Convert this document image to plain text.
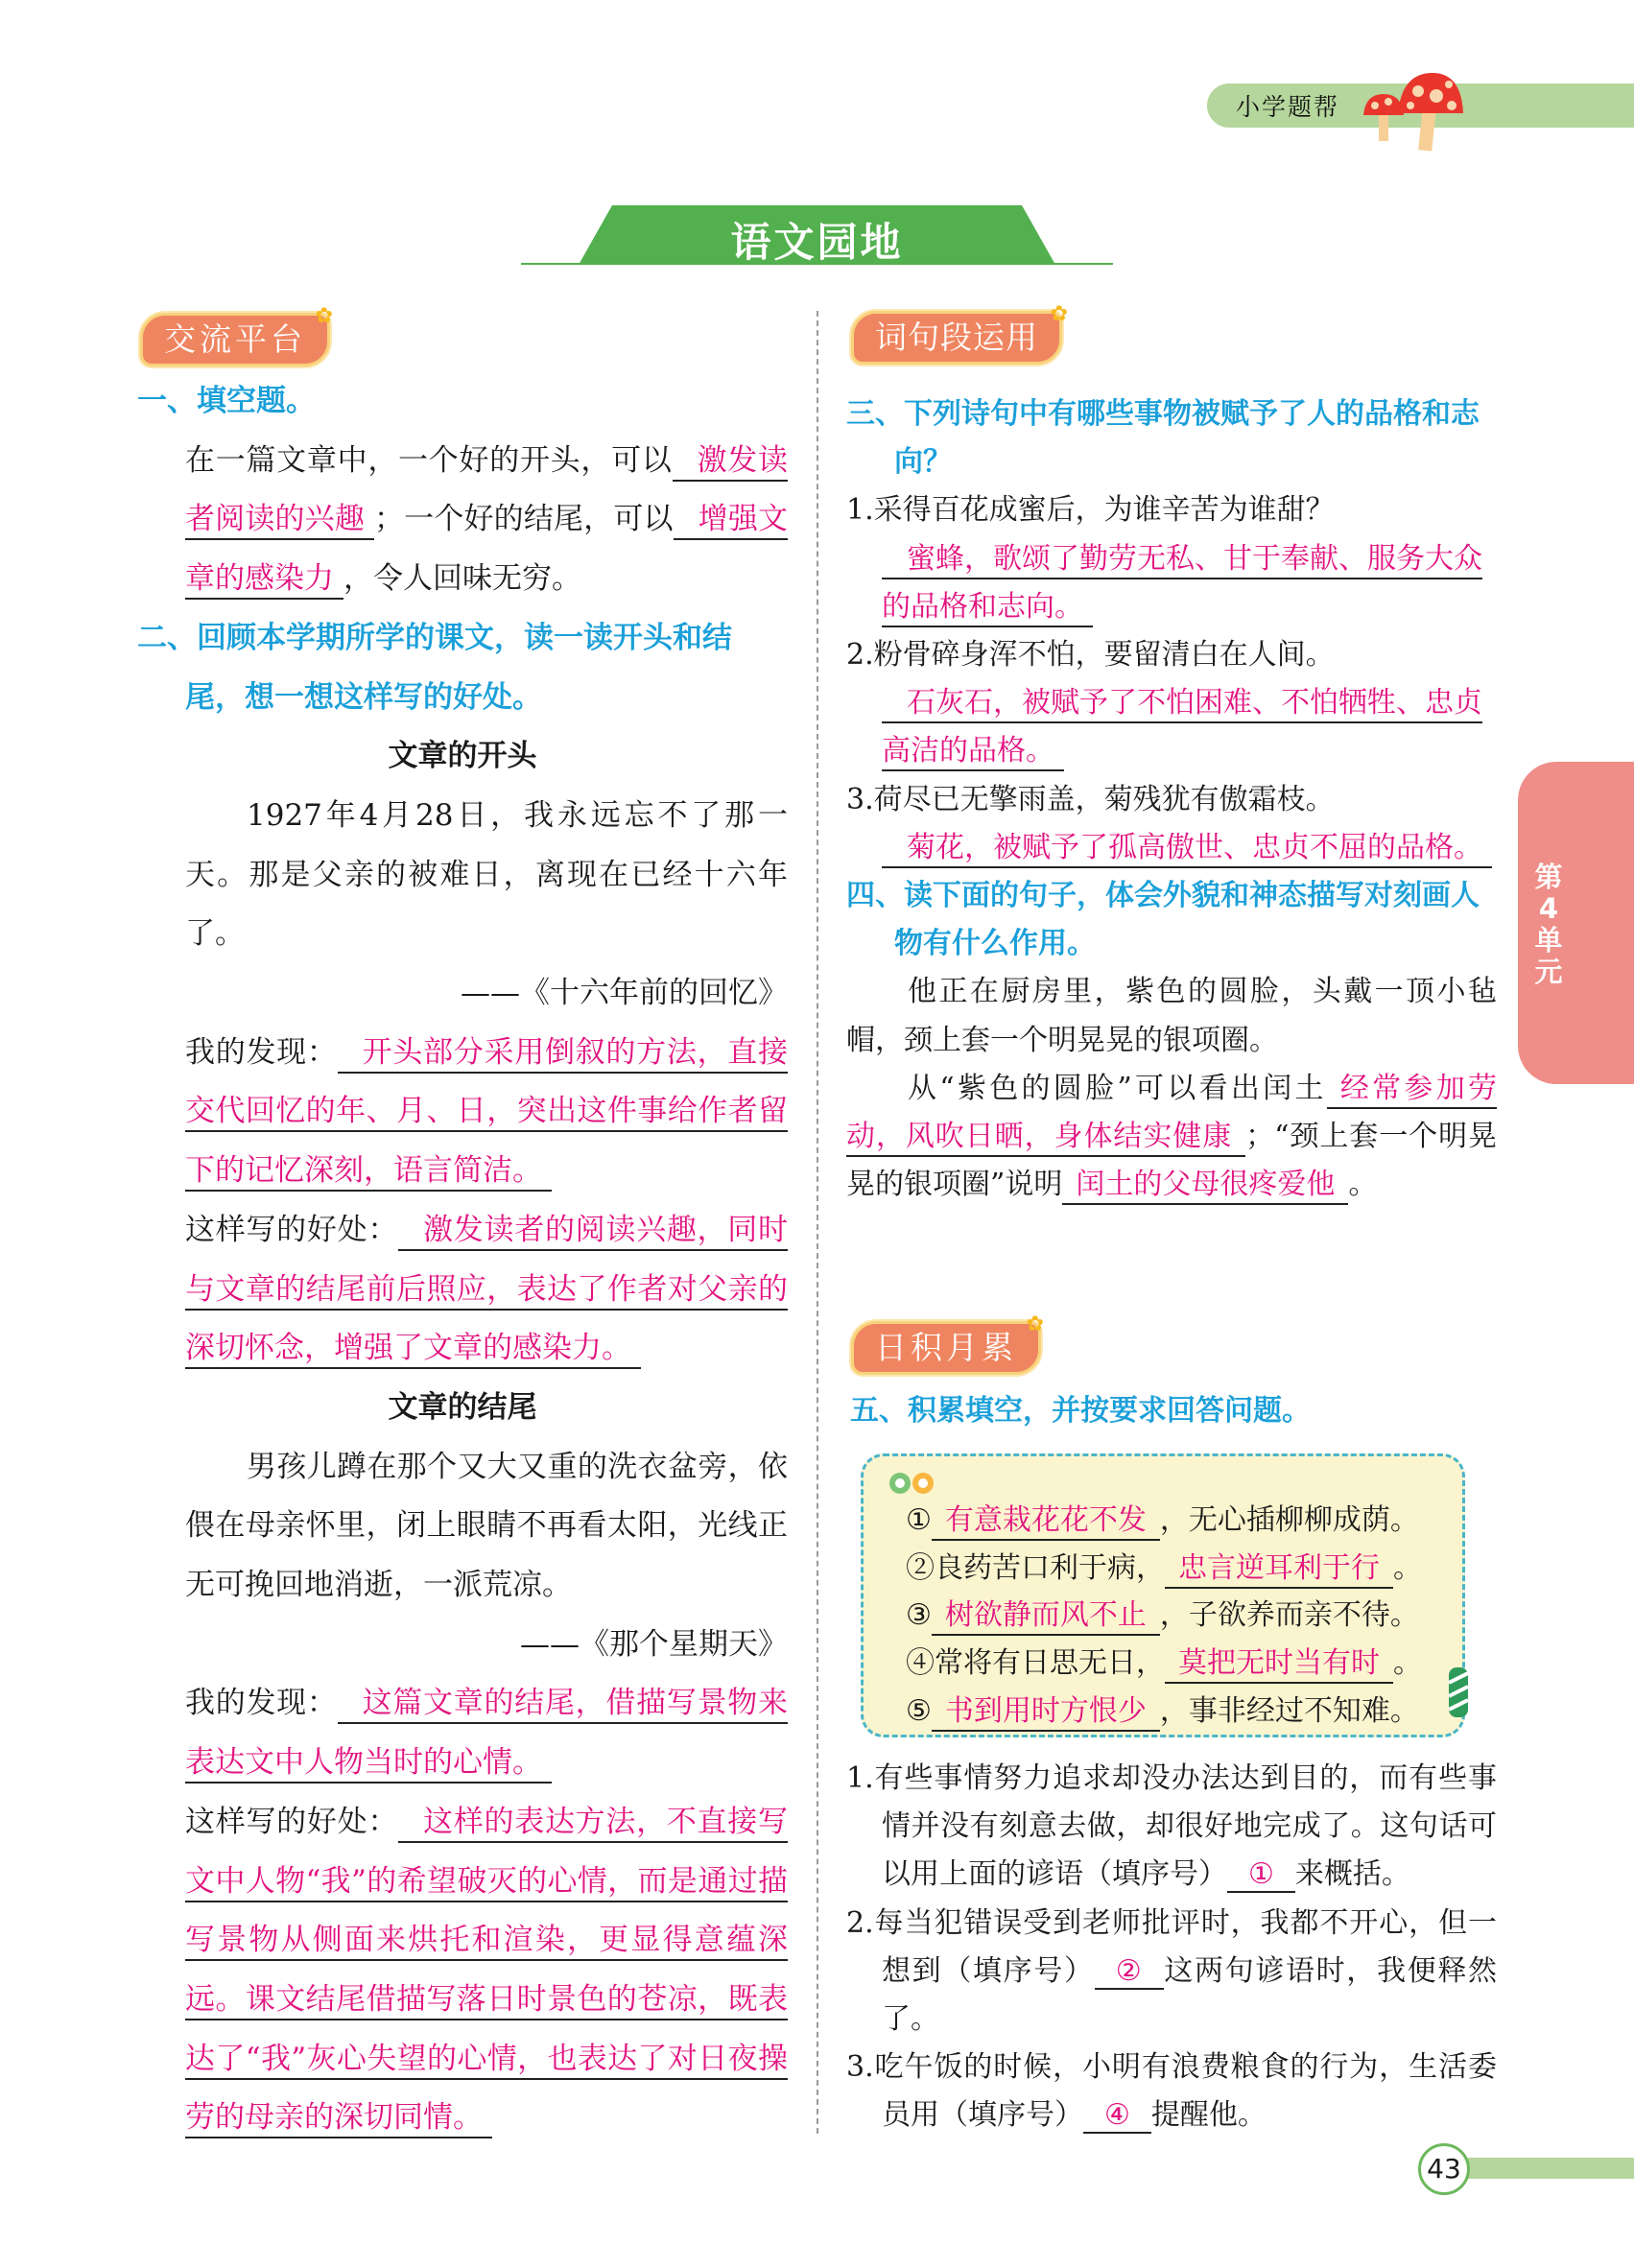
小学题帮
语文园地
交流平台
✿
一、填空题。
在一篇文章中，一个好的开头，可以 激发读者阅读的兴趣 ；一个好的结尾，可以 增强文章的感染力 ，令人回味无穷。
二、回顾本学期所学的课文，读一读开头和结尾，想一想这样写的好处。
文章的开头
1927年4月28日，我永远忘不了那一天。那是父亲的被难日，离现在已经十六年了。
——《十六年前的回忆》
我的发现： 开头部分采用倒叙的方法，直接交代回忆的年、月、日，突出这件事给作者留下的记忆深刻，语言简洁。
这样写的好处： 激发读者的阅读兴趣，同时与文章的结尾前后照应，表达了作者对父亲的深切怀念，增强了文章的感染力。
文章的结尾
男孩儿蹲在那个又大又重的洗衣盆旁，依偎在母亲怀里，闭上眼睛不再看太阳，光线正无可挽回地消逝，一派荒凉。
——《那个星期天》
我的发现： 这篇文章的结尾，借描写景物来表达文中人物当时的心情。
这样写的好处： 这样的表达方法，不直接写文中人物“我”的希望破灭的心情，而是通过描写景物从侧面来烘托和渲染，更显得意蕴深远。课文结尾借描写落日时景色的苍凉，既表达了“我”灰心失望的心情，也表达了对日夜操劳的母亲的深切同情。
词句段运用
✿
三、下列诗句中有哪些事物被赋予了人的品格和志向？
1.采得百花成蜜后，为谁辛苦为谁甜？
蜜蜂，歌颂了勤劳无私、甘于奉献、服务大众的品格和志向。
2.粉骨碎身浑不怕，要留清白在人间。
石灰石，被赋予了不怕困难、不怕牺牲、忠贞高洁的品格。
3.荷尽已无擎雨盖，菊残犹有傲霜枝。
菊花，被赋予了孤高傲世、忠贞不屈的品格。
四、读下面的句子，体会外貌和神态描写对刻画人物有什么作用。
他正在厨房里，紫色的圆脸，头戴一顶小毡帽，颈上套一个明晃晃的银项圈。
从“紫色的圆脸”可以看出闰土 经常参加劳动，风吹日晒，身体结实健康 ；“颈上套一个明晃晃的银项圈”说明 闰土的父母很疼爱他 。
日积月累
✿
五、积累填空，并按要求回答问题。
① 有意栽花花不发 ，无心插柳柳成荫。
②良药苦口利于病， 忠言逆耳利于行 。
③ 树欲静而风不止 ，子欲养而亲不待。
④常将有日思无日， 莫把无时当有时 。
⑤ 书到用时方恨少 ，事非经过不知难。
1.有些事情努力追求却没办法达到目的，而有些事情并没有刻意去做，却很好地完成了。这句话可以用上面的谚语（填序号） ① 来概括。
2.每当犯错误受到老师批评时，我都不开心，但一想到（填序号） ② 这两句谚语时，我便释然了。
3.吃午饭的时候，小明有浪费粮食的行为，生活委员用（填序号） ④ 提醒他。
第4单元
43
